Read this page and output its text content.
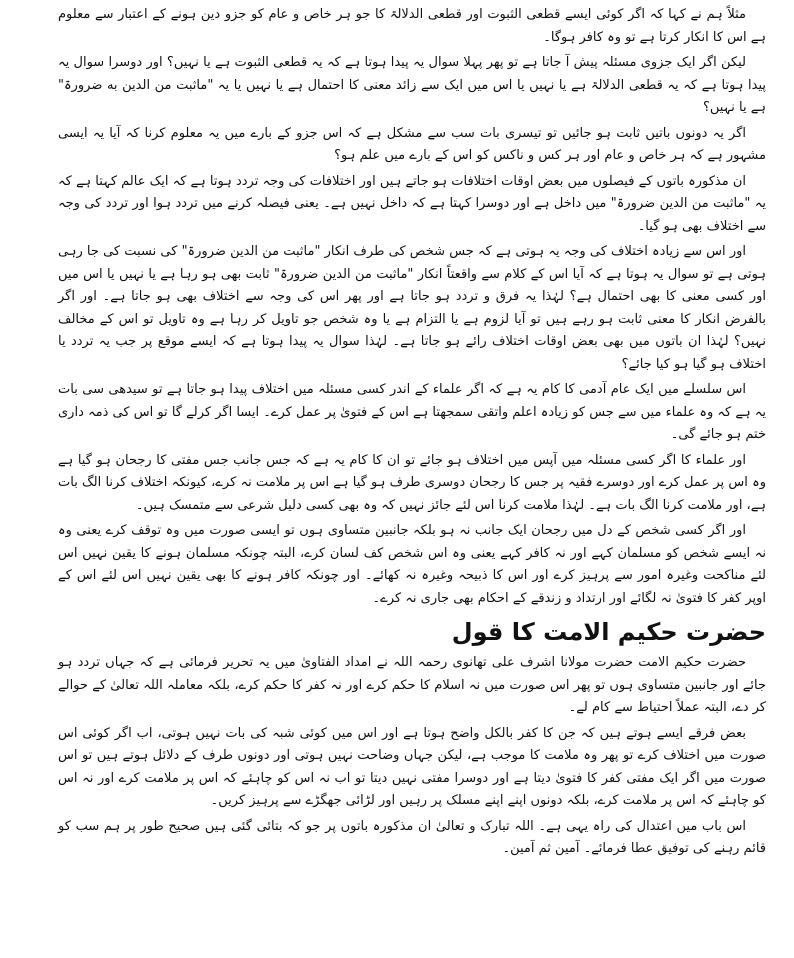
مثلاً ہم نے کہا کہ اگر کوئی ایسے قطعی الثبوت اور قطعی الدلالۃ کا جو ہر خاص و عام کو جزو دین ہونے کے اعتبار سے معلوم ہے اس کا انکار کرتا ہے تو وہ کافر ہوگا۔

لیکن اگر ایک جزوی مسئلہ پیش آ جاتا ہے تو پھر پہلا سوال یہ پیدا ہوتا ہے کہ یہ قطعی الثبوت ہے یا نہیں؟ اور دوسرا سوال یہ پیدا ہوتا ہے کہ یہ قطعی الدلالۃ ہے یا نہیں یا اس میں ایک سے زائد معنی کا احتمال ہے یا نہیں یا یہ "ماثبت من الدین به ضرورۃ" ہے یا نہیں؟

اگر یہ دونوں باتیں ثابت ہو جائیں تو تیسری بات سب سے مشکل ہے کہ اس جزو کے بارے میں یہ معلوم کرنا کہ آیا یہ ایسی مشہور ہے کہ ہر خاص و عام اور ہر کس و ناکس کو اس کے بارے میں علم ہو؟

ان مذکورہ باتوں کے فیصلوں میں بعض اوقات اختلافات ہو جاتے ہیں اور اختلافات کی وجہ تردد ہوتا ہے کہ ایک عالم کہتا ہے کہ یہ "ماثبت من الدین ضرورۃ" میں داخل ہے اور دوسرا کہتا ہے کہ داخل نہیں ہے۔ یعنی فیصلہ کرنے میں تردد ہوا اور تردد کی وجہ سے اختلاف بھی ہو گیا۔

اور اس سے زیادہ اختلاف کی وجہ یہ ہوتی ہے کہ جس شخص کی طرف انکار "ماثبت من الدین ضرورۃ" کی نسبت کی جا رہی ہوتی ہے تو سوال یہ ہوتا ہے کہ آیا اس کے کلام سے واقعتاً انکار "ماثبت من الدین ضرورۃ" ثابت بھی ہو رہا ہے یا نہیں یا اس میں اور کسی معنی کا بھی احتمال ہے؟ لہٰذا یہ فرق و تردد ہو جاتا ہے اور پھر اس کی وجہ سے اختلاف بھی ہو جاتا ہے۔ اور اگر بالفرض انکار کا معنی ثابت ہو رہے ہیں تو آیا لزوم ہے یا التزام ہے یا وہ شخص جو تاویل کر رہا ہے وہ تاویل تو اس کے مخالف نہیں؟ لہٰذا ان باتوں میں بھی بعض اوقات اختلاف رائے ہو جاتا ہے۔ لہٰذا سوال یہ پیدا ہوتا ہے کہ ایسے موقع پر جب یہ تردد یا اختلاف ہو گیا ہو کیا جائے؟

اس سلسلے میں ایک عام آدمی کا کام یہ ہے کہ اگر علماء کے اندر کسی مسئلہ میں اختلاف پیدا ہو جاتا ہے تو سیدھی سی بات یہ ہے کہ وہ علماء میں سے جس کو زیادہ اعلم واتقی سمجھتا ہے اس کے فتویٰ پر عمل کرے۔ ایسا اگر کرلے گا تو اس کی ذمہ داری ختم ہو جائے گی۔

اور علماء کا اگر کسی مسئلہ میں آپس میں اختلاف ہو جائے تو ان کا کام یہ ہے کہ جس جانب جس مفتی کا رجحان ہو گیا ہے وہ اس پر عمل کرے اور دوسرے فقیہ پر جس کا رجحان دوسری طرف ہو گیا ہے اس پر ملامت نہ کرے، کیونکہ اختلاف کرنا الگ بات ہے، اور ملامت کرنا الگ بات ہے۔ لہٰذا ملامت کرنا اس لئے جائز نہیں کہ وہ بھی کسی دلیل شرعی سے متمسک ہیں۔

اور اگر کسی شخص کے دل میں رجحان ایک جانب نہ ہو بلکہ جانبین متساوی ہوں تو ایسی صورت میں وہ توقف کرے یعنی وہ نہ ایسے شخص کو مسلمان کہے اور نہ کافر کہے یعنی وہ اس شخص کف لسان کرے، البتہ چونکہ مسلمان ہونے کا یقین نہیں اس لئے مناکحت وغیرہ امور سے پرہیز کرے اور اس کا ذبیحہ وغیرہ نہ کھائے۔ اور چونکہ کافر ہونے کا بھی یقین نہیں اس لئے اس کے اوپر کفر کا فتویٰ نہ لگائے اور ارتداد و زندقے کے احکام بھی جاری نہ کرے۔

حضرت حکیم الامت کا قول

حضرت حکیم الامت حضرت مولانا اشرف علی تھانوی رحمہ اللہ نے امداد الفتاویٰ میں یہ تحریر فرمائی ہے کہ جہاں تردد ہو جائے اور جانبین متساوی ہوں تو پھر اس صورت میں نہ اسلام کا حکم کرے اور نہ کفر کا حکم کرے، بلکہ معاملہ اللہ تعالیٰ کے حوالے کر دے، البتہ عملاً احتیاط سے کام لے۔

بعض فرقے ایسے ہوتے ہیں کہ جن کا کفر بالکل واضح ہوتا ہے اور اس میں کوئی شبہ کی بات نہیں ہوتی، اب اگر کوئی اس صورت میں اختلاف کرے تو پھر وہ ملامت کا موجب ہے، لیکن جہاں وضاحت نہیں ہوتی اور دونوں طرف کے دلائل ہوتے ہیں تو اس صورت میں اگر ایک مفتی کفر کا فتویٰ دیتا ہے اور دوسرا مفتی نہیں دیتا تو اب نہ اس کو چاہئے کہ اس پر ملامت کرے اور نہ اس کو چاہئے کہ اس پر ملامت کرے، بلکہ دونوں اپنے اپنے مسلک پر رہیں اور لڑائی جھگڑے سے پرہیز کریں۔

اس باب میں اعتدال کی راہ یہی ہے۔ اللہ تبارک و تعالیٰ ان مذکورہ باتوں پر جو کہ بتائی گئی ہیں صحیح طور پر ہم سب کو قائم رہنے کی توفیق عطا فرمائے۔ آمین ثم آمین۔
